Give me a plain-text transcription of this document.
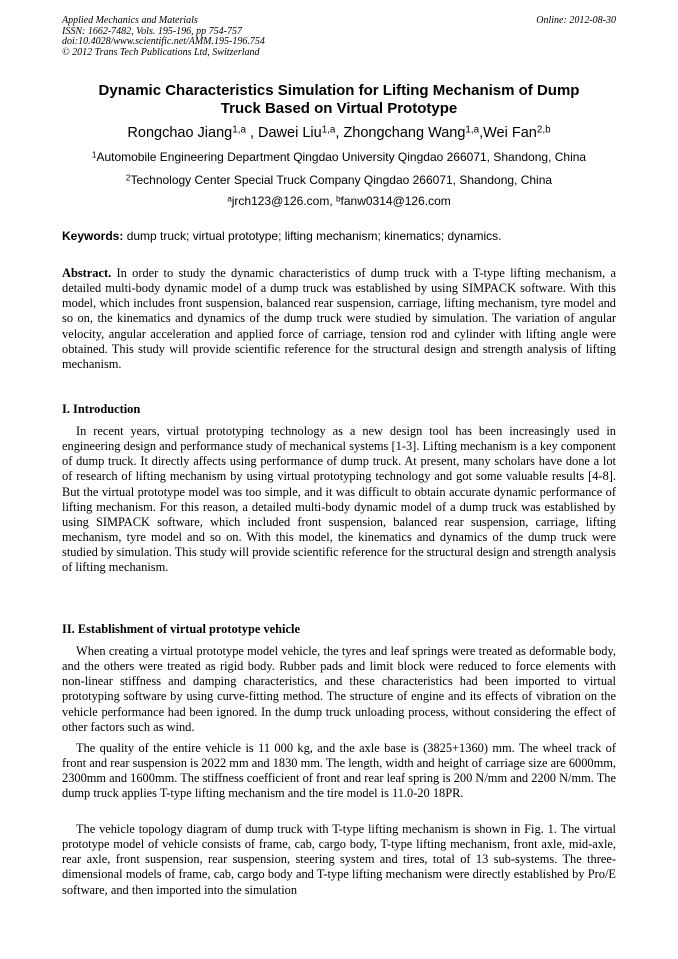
Applied Mechanics and Materials
ISSN: 1662-7482, Vols. 195-196, pp 754-757
doi:10.4028/www.scientific.net/AMM.195-196.754
© 2012 Trans Tech Publications Ltd, Switzerland
Online: 2012-08-30
Dynamic Characteristics Simulation for Lifting Mechanism of Dump
Truck Based on Virtual Prototype
Rongchao Jiang$^{1,a}$ , Dawei Liu$^{1,a}$, Zhongchang Wang$^{1,a}$,Wei Fan$^{2,b}$
$^1$Automobile Engineering Department Qingdao University Qingdao 266071, Shandong, China
$^2$Technology Center Special Truck Company Qingdao 266071, Shandong, China
$^a$jrch123@126.com, $^b$fanw0314@126.com
Keywords: dump truck; virtual prototype; lifting mechanism; kinematics; dynamics.
Abstract. In order to study the dynamic characteristics of dump truck with a T-type lifting mechanism, a detailed multi-body dynamic model of a dump truck was established by using SIMPACK software. With this model, which includes front suspension, balanced rear suspension, carriage, lifting mechanism, tyre model and so on, the kinematics and dynamics of the dump truck were studied by simulation. The variation of angular velocity, angular acceleration and applied force of carriage, tension rod and cylinder with lifting angle were obtained. This study will provide scientific reference for the structural design and strength analysis of lifting mechanism.
I. Introduction
In recent years, virtual prototyping technology as a new design tool has been increasingly used in engineering design and performance study of mechanical systems [1-3]. Lifting mechanism is a key component of dump truck. It directly affects using performance of dump truck. At present, many scholars have done a lot of research of lifting mechanism by using virtual prototyping technology and got some valuable results [4-8]. But the virtual prototype model was too simple, and it was difficult to obtain accurate dynamic performance of lifting mechanism. For this reason, a detailed multi-body dynamic model of a dump truck was established by using SIMPACK software, which included front suspension, balanced rear suspension, carriage, lifting mechanism, tyre model and so on. With this model, the kinematics and dynamics of the dump truck were studied by simulation. This study will provide scientific reference for the structural design and strength analysis of lifting mechanism.
II. Establishment of virtual prototype vehicle
When creating a virtual prototype model vehicle, the tyres and leaf springs were treated as deformable body, and the others were treated as rigid body. Rubber pads and limit block were reduced to force elements with non-linear stiffness and damping characteristics, and these characteristics had been imported to virtual prototyping software by using curve-fitting method. The structure of engine and its effects of vibration on the vehicle performance had been ignored. In the dump truck unloading process, without considering the effect of other factors such as wind.
The quality of the entire vehicle is 11 000 kg, and the axle base is (3825+1360) mm. The wheel track of front and rear suspension is 2022 mm and 1830 mm. The length, width and height of carriage size are 6000mm, 2300mm and 1600mm. The stiffness coefficient of front and rear leaf spring is 200 N/mm and 2200 N/mm. The dump truck applies T-type lifting mechanism and the tire model is 11.0-20 18PR.
The vehicle topology diagram of dump truck with T-type lifting mechanism is shown in Fig. 1. The virtual prototype model of vehicle consists of frame, cab, cargo body, T-type lifting mechanism, front axle, mid-axle, rear axle, front suspension, rear suspension, steering system and tires, total of 13 sub-systems. The three-dimensional models of frame, cab, cargo body and T-type lifting mechanism were directly established by Pro/E software, and then imported into the simulation
